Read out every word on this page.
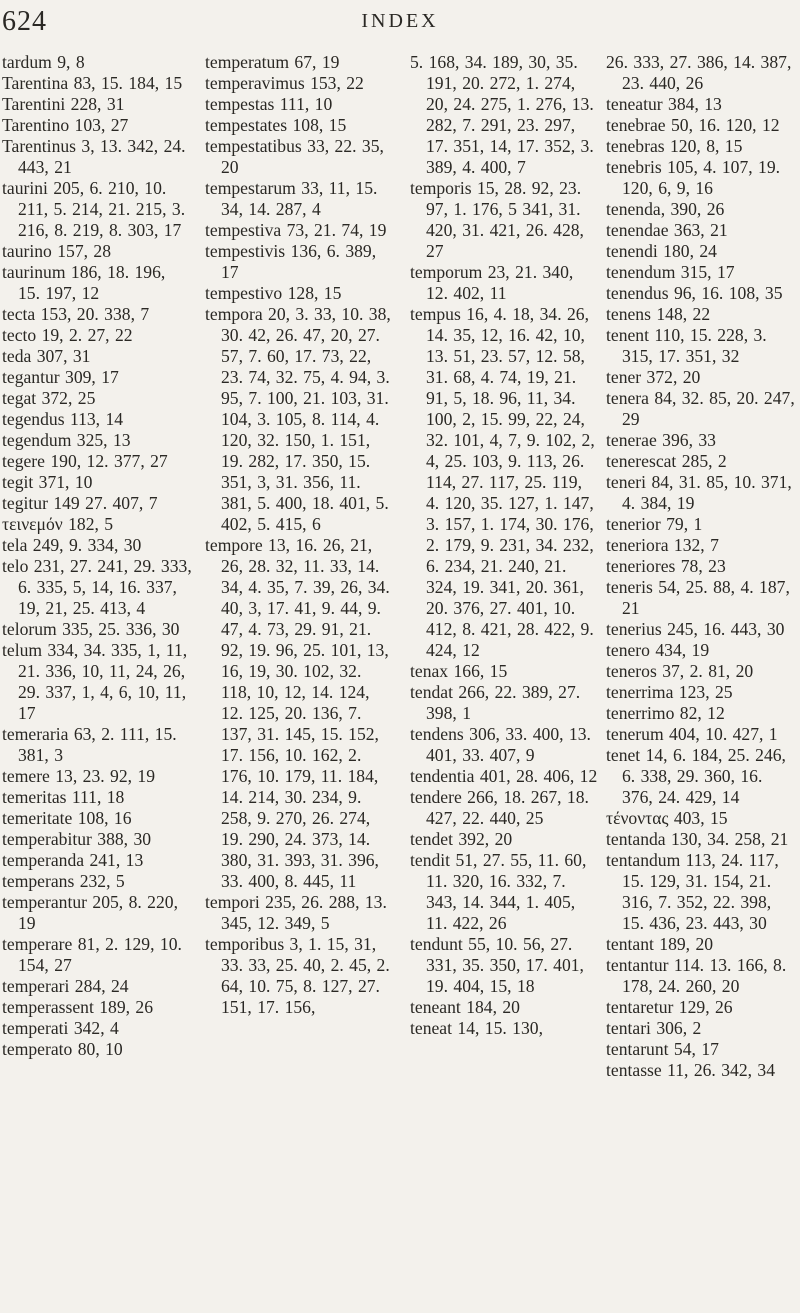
624	INDEX
tardum 9, 8
Tarentina 83, 15. 184, 15
Tarentini 228, 31
Tarentino 103, 27
Tarentinus 3, 13. 342, 24. 443, 21
taurini 205, 6. 210, 10. 211, 5. 214, 21. 215, 3. 216, 8. 219, 8. 303, 17
taurino 157, 28
taurinum 186, 18. 196, 15. 197, 12
tecta 153, 20. 338, 7
tecto 19, 2. 27, 22
teda 307, 31
tegantur 309, 17
tegat 372, 25
tegendus 113, 14
tegendum 325, 13
tegere 190, 12. 377, 27
tegit 371, 10
tegitur 149 27. 407, 7
τεινεμόν 182, 5
tela 249, 9. 334, 30
telo 231, 27. 241, 29. 333, 6. 335, 5, 14, 16. 337, 19, 21, 25. 413, 4
telorum 335, 25. 336, 30
telum 334, 34. 335, 1, 11, 21. 336, 10, 11, 24, 26, 29. 337, 1, 4, 6, 10, 11, 17
temeraria 63, 2. 111, 15. 381, 3
temere 13, 23. 92, 19
temeritas 111, 18
temeritate 108, 16
temperabitur 388, 30
temperanda 241, 13
temperans 232, 5
temperantur 205, 8. 220, 19
temperare 81, 2. 129, 10. 154, 27
temperari 284, 24
temperassent 189, 26
temperati 342, 4
temperato 80, 10
temperatum 67, 19
temperavimus 153, 22
tempestas 111, 10
tempestates 108, 15
tempestatibus 33, 22. 35, 20
tempestarum 33, 11, 15. 34, 14. 287, 4
tempestiva 73, 21. 74, 19
tempestivis 136, 6. 389, 17
tempestivo 128, 15
tempora 20, 3. 33, 10. 38, 30. 42, 26. 47, 20, 27. 57, 7. 60, 17. 73, 22, 23. 74, 32. 75, 4. 94, 3. 95, 7. 100, 21. 103, 31. 104, 3. 105, 8. 114, 4. 120, 32. 150, 1. 151, 19. 282, 17. 350, 15. 351, 3, 31. 356, 11. 381, 5. 400, 18. 401, 5. 402, 5. 415, 6
tempore 13, 16. 26, 21, 26, 28. 32, 11. 33, 14. 34, 4. 35, 7. 39, 26, 34. 40, 3, 17. 41, 9. 44, 9. 47, 4. 73, 29. 91, 21. 92, 19. 96, 25. 101, 13, 16, 19, 30. 102, 32. 118, 10, 12, 14. 124, 12. 125, 20. 136, 7. 137, 31. 145, 15. 152, 17. 156, 10. 162, 2. 176, 10. 179, 11. 184, 14. 214, 30. 234, 9. 258, 9. 270, 26. 274, 19. 290, 24. 373, 14. 380, 31. 393, 31. 396, 33. 400, 8. 445, 11
tempori 235, 26. 288, 13. 345, 12. 349, 5
temporibus 3, 1. 15, 31, 33. 33, 25. 40, 2. 45, 2. 64, 10. 75, 8. 127, 27. 151, 17. 156,
5. 168, 34. 189, 30, 35. 191, 20. 272, 1. 274, 20, 24. 275, 1. 276, 13. 282, 7. 291, 23. 297, 17. 351, 14, 17. 352, 3. 389, 4. 400, 7
temporis 15, 28. 92, 23. 97, 1. 176, 5 341, 31. 420, 31. 421, 26. 428, 27
temporum 23, 21. 340, 12. 402, 11
tempus 16, 4. 18, 34. 26, 14. 35, 12, 16. 42, 10, 13. 51, 23. 57, 12. 58, 31. 68, 4. 74, 19, 21. 91, 5, 18. 96, 11, 34. 100, 2, 15. 99, 22, 24, 32. 101, 4, 7, 9. 102, 2, 4, 25. 103, 9. 113, 26. 114, 27. 117, 25. 119, 4. 120, 35. 127, 1. 147, 3. 157, 1. 174, 30. 176, 2. 179, 9. 231, 34. 232, 6. 234, 21. 240, 21. 324, 19. 341, 20. 361, 20. 376, 27. 401, 10. 412, 8. 421, 28. 422, 9. 424, 12
tenax 166, 15
tendat 266, 22. 389, 27. 398, 1
tendens 306, 33. 400, 13. 401, 33. 407, 9
tendentia 401, 28. 406, 12
tendere 266, 18. 267, 18. 427, 22. 440, 25
tendet 392, 20
tendit 51, 27. 55, 11. 60, 11. 320, 16. 332, 7. 343, 14. 344, 1. 405, 11. 422, 26
tendunt 55, 10. 56, 27. 331, 35. 350, 17. 401, 19. 404, 15, 18
teneant 184, 20
teneat 14, 15. 130,
26. 333, 27. 386, 14. 387, 23. 440, 26
teneatur 384, 13
tenebrae 50, 16. 120, 12
tenebras 120, 8, 15
tenebris 105, 4. 107, 19. 120, 6, 9, 16
tenenda, 390, 26
tenendae 363, 21
tenendi 180, 24
tenendum 315, 17
tenendus 96, 16. 108, 35
tenens 148, 22
tenent 110, 15. 228, 3. 315, 17. 351, 32
tener 372, 20
tenera 84, 32. 85, 20. 247, 29
tenerae 396, 33
tenerescat 285, 2
teneri 84, 31. 85, 10. 371, 4. 384, 19
tenerior 79, 1
teneriora 132, 7
teneriores 78, 23
teneris 54, 25. 88, 4. 187, 21
tenerius 245, 16. 443, 30
tenero 434, 19
teneros 37, 2. 81, 20
tenerrima 123, 25
tenerrimo 82, 12
tenerum 404, 10. 427, 1
tenet 14, 6. 184, 25. 246, 6. 338, 29. 360, 16. 376, 24. 429, 14
τένοντας 403, 15
tentanda 130, 34. 258, 21
tentandum 113, 24. 117, 15. 129, 31. 154, 21. 316, 7. 352, 22. 398, 15. 436, 23. 443, 30
tentant 189, 20
tentantur 114. 13. 166, 8. 178, 24. 260, 20
tentaretur 129, 26
tentari 306, 2
tentarunt 54, 17
tentasse 11, 26. 342, 34
